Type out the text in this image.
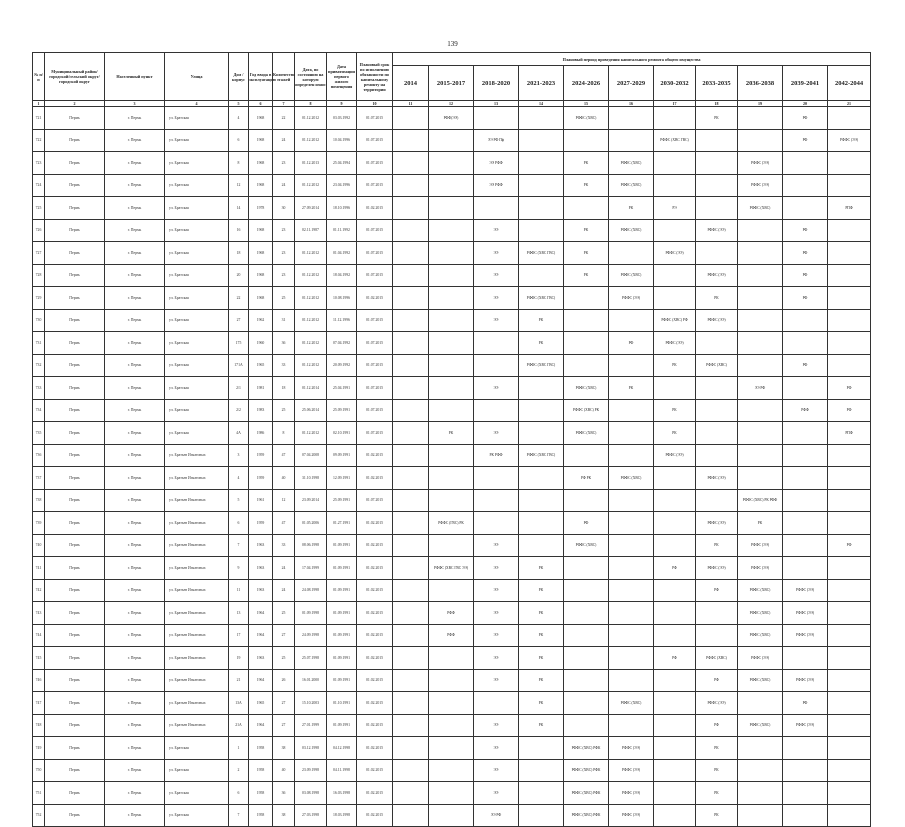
139
№ п/п	Муниципальный район/городской/сельский округ/городской округ	Населенный пункт	Улица	Дом / корпус	Год ввода в эксплуатацию	Количество этажей	Дата, по состоянию на которую определен износ	Дата приватизации первого жилого помещения	Плановый срок по исполнению обязанности по капитальному ремонту на территории	Плановый период проведения капитального ремонта общего имущества										
										2014	2015-2017	2018-2020	2021-2023	2024-2026	2027-2029	2030-2032	2033-2035	2036-2038	2039-2041	2042-2044
1	2	3	4	5	6	7	8	9	10	11	12	13	14	15	16	17	18	19	20	21
721	Пермь	г. Пермь	ул. Братская	4	1968	22	01.12.2012	03.03.1992	01.07.2015		РФФ(ЭЭ)			РФФС (ХВС)			РК		РФ	
722	Пермь	г. Пермь	ул. Братская	6	1968	24	01.12.2012	10.04.1996	01.07.2015			ЭЭ РФ Пф				РФФС (ХВС ГВС)			РФ	РФФС (ЭЭ)
723	Пермь	г. Пермь	ул. Братская	8	1968	23	01.12.2013	25.04.1994	01.07.2015			ЭЭ РФФ		РК	РФФС (ХВС)			РФФС (ЭЭ)		
724	Пермь	г. Пермь	ул. Братская	12	1968	24	01.12.2012	23.04.1996	01.07.2015			ЭЭ РФФ		РК	РФФС (ХВС)			РФФС (ЭЭ)		
725	Пермь	г. Пермь	ул. Братская	14	1978	30	27.09.2014	18.10.1996	01.02.2015						РК	РЭ		РФФС (ХВС)		РПФ
726	Пермь	г. Пермь	ул. Братская	16	1968	23	02.11.1987	01.11.1992	01.07.2015			ЭЭ		РК	РФФС (ХВС)		РФФС (ЭЭ)		РФ	
727	Пермь	г. Пермь	ул. Братская	18	1968	23	01.12.2012	01.04.1992	01.07.2015			ЭЭ	РФФС (ХВС ГВС)	РК		РФФС (ЭЭ)			РФ	
728	Пермь	г. Пермь	ул. Братская	20	1968	23	01.12.2012	18.04.1992	01.07.2015			ЭЭ		РК	РФФС (ХВС)		РФФС (ЭЭ)		РФ	
729	Пермь	г. Пермь	ул. Братская	22	1968	25	01.12.2012	10.08.1996	01.02.2015			ЭЭ	РФФС (ХВС ГВС)		РФФС (ЭЭ)		РК		РФ	
730	Пермь	г. Пермь	ул. Братская	27	1962	31	01.12.2012	11.12.1996	01.07.2015			ЭЭ	РК			РФФС (ХВС) РФ	РФФС (ЭЭ)			
731	Пермь	г. Пермь	ул. Братская	175	1960	36	01.12.2012	07.04.1992	01.07.2015				РК		РФ	РФФС (ЭЭ)				
732	Пермь	г. Пермь	ул. Братская	171А	1965	33	01.12.2012	20.09.1992	01.07.2015				РФФС (ХВС ГВС)			РК	РФФС (ХВС)		РФ	
733	Пермь	г. Пермь	ул. Братская	2/1	1981	18	01.12.2014	25.04.1991	01.07.2015			ЭЭ		РФФС (ХВС)	РК			ЭЭ РФ		РФ
734	Пермь	г. Пермь	ул. Братская	2/2	1983	25	25.06.2014	25.09.1991	01.07.2015					РФФС (ХВС) РК		РК			РФФ	РФ
735	Пермь	г. Пермь	ул. Братская	4А	1986	8	01.12.2012	02.10.1991	01.07.2015		РК	ЭЭ		РФФС (ХВС)		РК				РПФ
736	Пермь	г. Пермь	ул. Братьев Игнатовых	3	1959	47	07.04.2008	09.09.1991	01.02.2015			РК РФФ	РФФС (ХВС ГВС)			РФФС (ЭЭ)				
737	Пермь	г. Пермь	ул. Братьев Игнатовых	4	1959	40	31.10.1998	12.09.1991	01.02.2015					РФ РК	РФФС (ХВС)		РФФС (ЭЭ)			
738	Пермь	г. Пермь	ул. Братьев Игнатовых	5	1961	12	23.09.2014	25.09.1991	01.07.2015									РФФС (ХВС) РК РФФ		
739	Пермь	г. Пермь	ул. Братьев Игнатовых	6	1959	47	01.05.2006	01.27.1991	01.02.2015		РФФС (ГВС) РК			РФ			РФФС (ЭЭ)	РК		
740	Пермь	г. Пермь	ул. Братьев Игнатовых	7	1963	33	08.06.1998	01.09.1991	01.02.2015			ЭЭ		РФФС (ХВС)			РК	РФФС (ЭЭ)		РФ
741	Пермь	г. Пермь	ул. Братьев Игнатовых	9	1963	24	17.04.1999	01.09.1991	01.02.2015		РФФС (ХВС ГВС ЭЭ)	ЭЭ	РК			РФ	РФФС (ЭЭ)	РФФС (ЭЭ)		
742	Пермь	г. Пермь	ул. Братьев Игнатовых	11	1963	24	24.08.1998	01.09.1991	01.02.2015			ЭЭ	РК				РФ	РФФС (ХВС)	РФФС (ЭЭ)	
743	Пермь	г. Пермь	ул. Братьев Игнатовых	13	1964	25	01.09.1998	01.09.1991	01.02.2015		РФФ	ЭЭ	РК					РФФС (ХВС)	РФФС (ЭЭ)	
744	Пермь	г. Пермь	ул. Братьев Игнатовых	17	1964	27	24.09.1998	01.09.1991	01.02.2015		РФФ	ЭЭ	РК					РФФС (ХВС)	РФФС (ЭЭ)	
745	Пермь	г. Пермь	ул. Братьев Игнатовых	19	1963	25	25.07.1998	01.09.1991	01.02.2015			ЭЭ	РК			РФ	РФФС (ХВС)	РФФС (ЭЭ)		
746	Пермь	г. Пермь	ул. Братьев Игнатовых	21	1964	26	16.01.2000	01.09.1991	01.02.2015			ЭЭ	РК				РФ	РФФС (ХВС)	РФФС (ЭЭ)	
747	Пермь	г. Пермь	ул. Братьев Игнатовых	13А	1965	27	15.10.2003	01.10.1991	01.02.2015				РК		РФФС (ХВС)		РФФС (ЭЭ)		РФ	
748	Пермь	г. Пермь	ул. Братьев Игнатовых	21А	1964	27	27.01.1999	01.09.1991	01.02.2015			ЭЭ	РК				РФ	РФФС (ХВС)	РФФС (ЭЭ)	
749	Пермь	г. Пермь	ул. Братская	1	1958	38	03.12.1998	04.12.1998	01.02.2015			ЭЭ		РФФС (ХВС) РФК	РФФС (ЭЭ)		РК			
750	Пермь	г. Пермь	ул. Братская	2	1958	40	23.09.1998	04.11.1998	01.02.2015			ЭЭ		РФФС (ХВС) РФК	РФФС (ЭЭ)		РК			
751	Пермь	г. Пермь	ул. Братская	6	1958	36	03.08.1998	16.03.1998	01.02.2015			ЭЭ		РФФС (ХВС) РФК	РФФС (ЭЭ)		РК			
752	Пермь	г. Пермь	ул. Братская	7	1958	38	27.03.1998	18.03.1998	01.02.2015			ЭЭ РФ		РФФС (ХВС) РФК	РФФС (ЭЭ)		РК			
